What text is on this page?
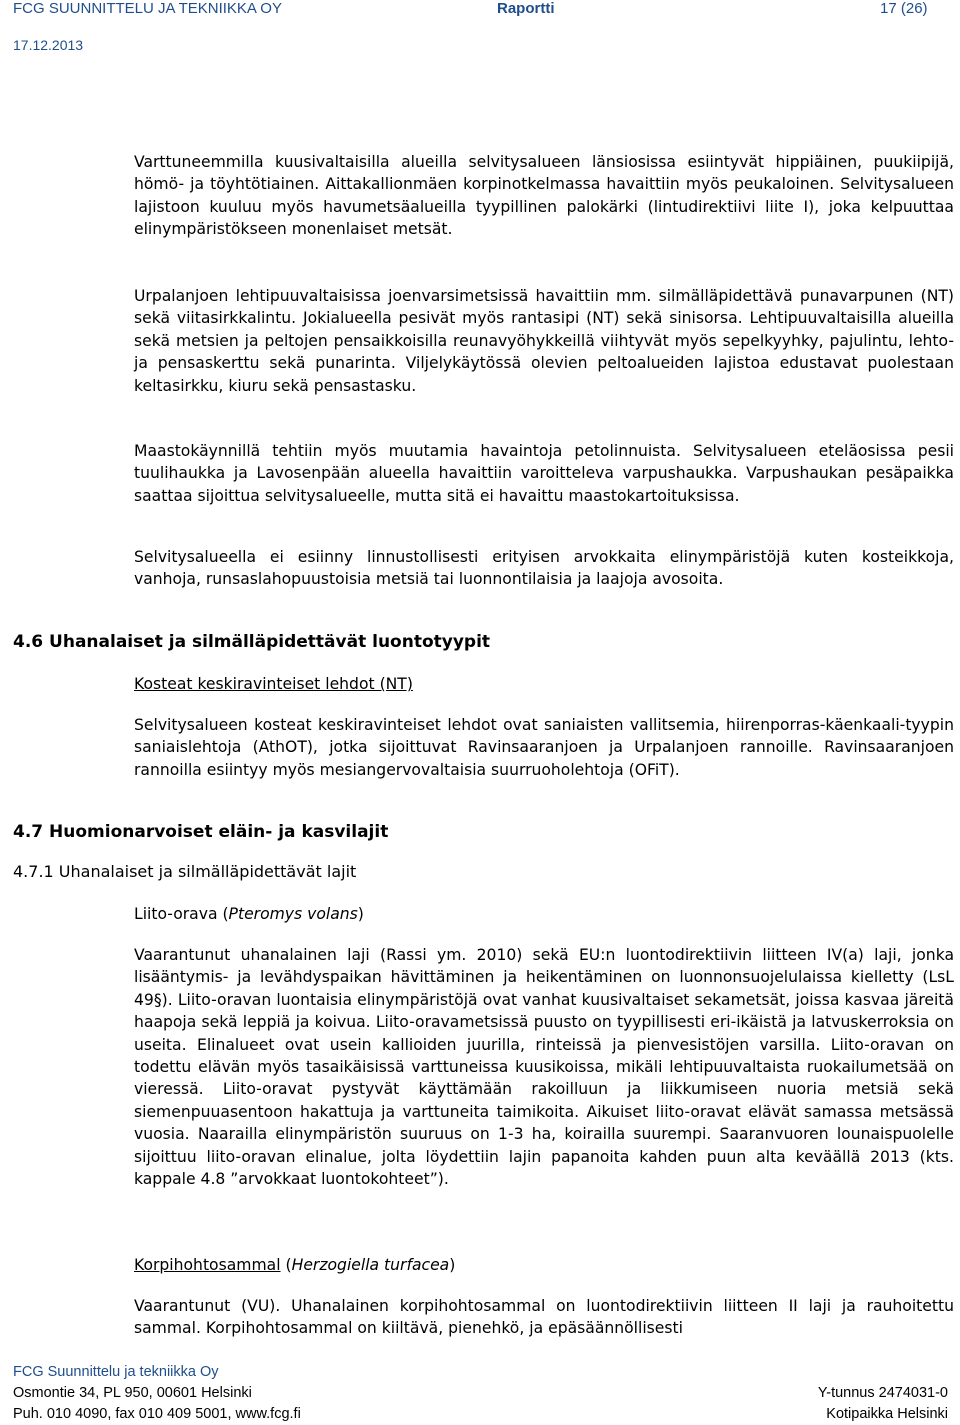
FCG SUUNNITTELU JA TEKNIIKKA OY	Raportti	17 (26)
17.12.2013

Varttuneemmilla kuusivaltaisilla alueilla selvitysalueen länsiosissa esiintyvät hippiäinen, puukiipijä, hömö- ja töyhtötiainen. Aittakallionmäen korpinotkelmassa havaittiin myös peukaloinen. Selvitysalueen lajistoon kuuluu myös havumetsäalueilla tyypillinen palokärki (lintudirektiivi liite I), joka kelpuuttaa elinympäristökseen monenlaiset metsät.

Urpalanjoen lehtipuuvaltaisissa joenvarsimetsissä havaittiin mm. silmälläpidettävä punavarpunen (NT) sekä viitasirkkalintu. Jokialueella pesivät myös rantasipi (NT) sekä sinisorsa. Lehtipuuvaltaisilla alueilla sekä metsien ja peltojen pensaikkoisilla reunavyöhykkeillä viihtyvät myös sepelkyyhky, pajulintu, lehto- ja pensaskerttu sekä punarinta. Viljelykäytössä olevien peltoalueiden lajistoa edustavat puolestaan keltasirkku, kiuru sekä pensastasku.

Maastokäynnillä tehtiin myös muutamia havaintoja petolinnuista. Selvitysalueen eteläosissa pesii tuulihaukka ja Lavosenpään alueella havaittiin varoitteleva varpushaukka. Varpushaukan pesäpaikka saattaa sijoittua selvitysalueelle, mutta sitä ei havaittu maastokartoituksissa.

Selvitysalueella ei esiinny linnustollisesti erityisen arvokkaita elinympäristöjä kuten kosteikkoja, vanhoja, runsaslahopuustoisia metsiä tai luonnontilaisia ja laajoja avosoita.

4.6 Uhanalaiset ja silmälläpidettävät luontotyypit

Kosteat keskiravinteiset lehdot (NT)

Selvitysalueen kosteat keskiravinteiset lehdot ovat saniaisten vallitsemia, hiirenporras-käenkaali-tyypin saniaislehtoja (AthOT), jotka sijoittuvat Ravinsaaranjoen ja Urpalanjoen rannoille. Ravinsaaranjoen rannoilla esiintyy myös mesiangervovaltaisia suurruoholehtoja (OFiT).

4.7 Huomionarvoiset eläin- ja kasvilajit
4.7.1 Uhanalaiset ja silmälläpidettävät lajit

Liito-orava (Pteromys volans)

Vaarantunut uhanalainen laji (Rassi ym. 2010) sekä EU:n luontodirektiivin liitteen IV(a) laji, jonka lisääntymis- ja levähdyspaikan hävittäminen ja heikentäminen on luonnonsuojelulaissa kielletty (LsL 49§). Liito-oravan luontaisia elinympäristöjä ovat vanhat kuusivaltaiset sekametsät, joissa kasvaa järeitä haapoja sekä leppiä ja koivua. Liito-oravametsissä puusto on tyypillisesti eri-ikäistä ja latvuskerroksia on useita. Elinalueet ovat usein kallioiden juurilla, rinteissä ja pienvesistöjen varsilla. Liito-oravan on todettu elävän myös tasaikäisissä varttuneissa kuusikoissa, mikäli lehtipuuvaltaista ruokailumetsää on vieressä. Liito-oravat pystyvät käyttämään rakoilluun ja liikkumiseen nuoria metsiä sekä siemenpuuasentoon hakattuja ja varttuneita taimikoita. Aikuiset liito-oravat elävät samassa metsässä vuosia. Naarailla elinympäristön suuruus on 1-3 ha, koirailla suurempi. Saaranvuoren lounaispuolelle sijoittuu liito-oravan elinalue, jolta löydettiin lajin papanoita kahden puun alta keväällä 2013 (kts. kappale 4.8 ”arvokkaat luontokohteet”).

Korpihohtosammal (Herzogiella turfacea)

Vaarantunut (VU). Uhanalainen korpihohtosammal on luontodirektiivin liitteen II laji ja rauhoitettu sammal. Korpihohtosammal on kiiltävä, pienehkö, ja epäsäännöllisesti

FCG Suunnittelu ja tekniikka Oy
Osmontie 34, PL 950, 00601 Helsinki	Y-tunnus 2474031-0
Puh. 010 4090, fax 010 409 5001, www.fcg.fi	Kotipaikka Helsinki
